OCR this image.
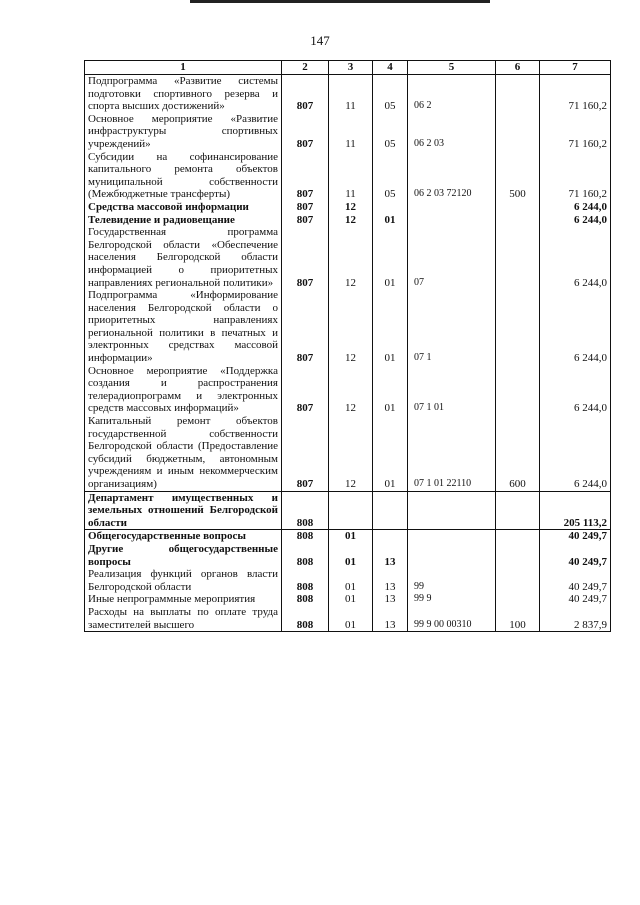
147
1	2	3	4	5	6	7
Подпрограмма «Развитие системы подготовки спортивного резерва и спорта высших достижений»	807	11	05	06 2		71 160,2
Основное мероприятие «Развитие инфраструктуры спортивных учреждений»	807	11	05	06 2 03		71 160,2
Субсидии на софинансирование капитального ремонта объектов муниципальной собственности (Межбюджетные трансферты)	807	11	05	06 2 03 72120	500	71 160,2
Средства массовой информации	807	12				6 244,0
Телевидение и радиовещание	807	12	01			6 244,0
Государственная программа Белгородской области «Обеспечение населения Белгородской области информацией о приоритетных направлениях региональной политики»	807	12	01	07		6 244,0
Подпрограмма «Информирование населения Белгородской области о приоритетных направлениях региональной политики в печатных и электронных средствах массовой информации»	807	12	01	07 1		6 244,0
Основное мероприятие «Поддержка создания и распространения телерадиопрограмм и электронных средств массовых информаций»	807	12	01	07 1 01		6 244,0
Капитальный ремонт объектов государственной собственности Белгородской области (Предоставление субсидий бюджетным, автономным учреждениям и иным некоммерческим организациям)	807	12	01	07 1 01 22110	600	6 244,0
Департамент имущественных и земельных отношений Белгородской области	808					205 113,2
Общегосударственные вопросы	808	01				40 249,7
Другие общегосударственные вопросы	808	01	13			40 249,7
Реализация функций органов власти Белгородской области	808	01	13	99		40 249,7
Иные непрограммные мероприятия	808	01	13	99 9		40 249,7
Расходы на выплаты по оплате труда заместителей высшего	808	01	13	99 9 00 00310	100	2 837,9
